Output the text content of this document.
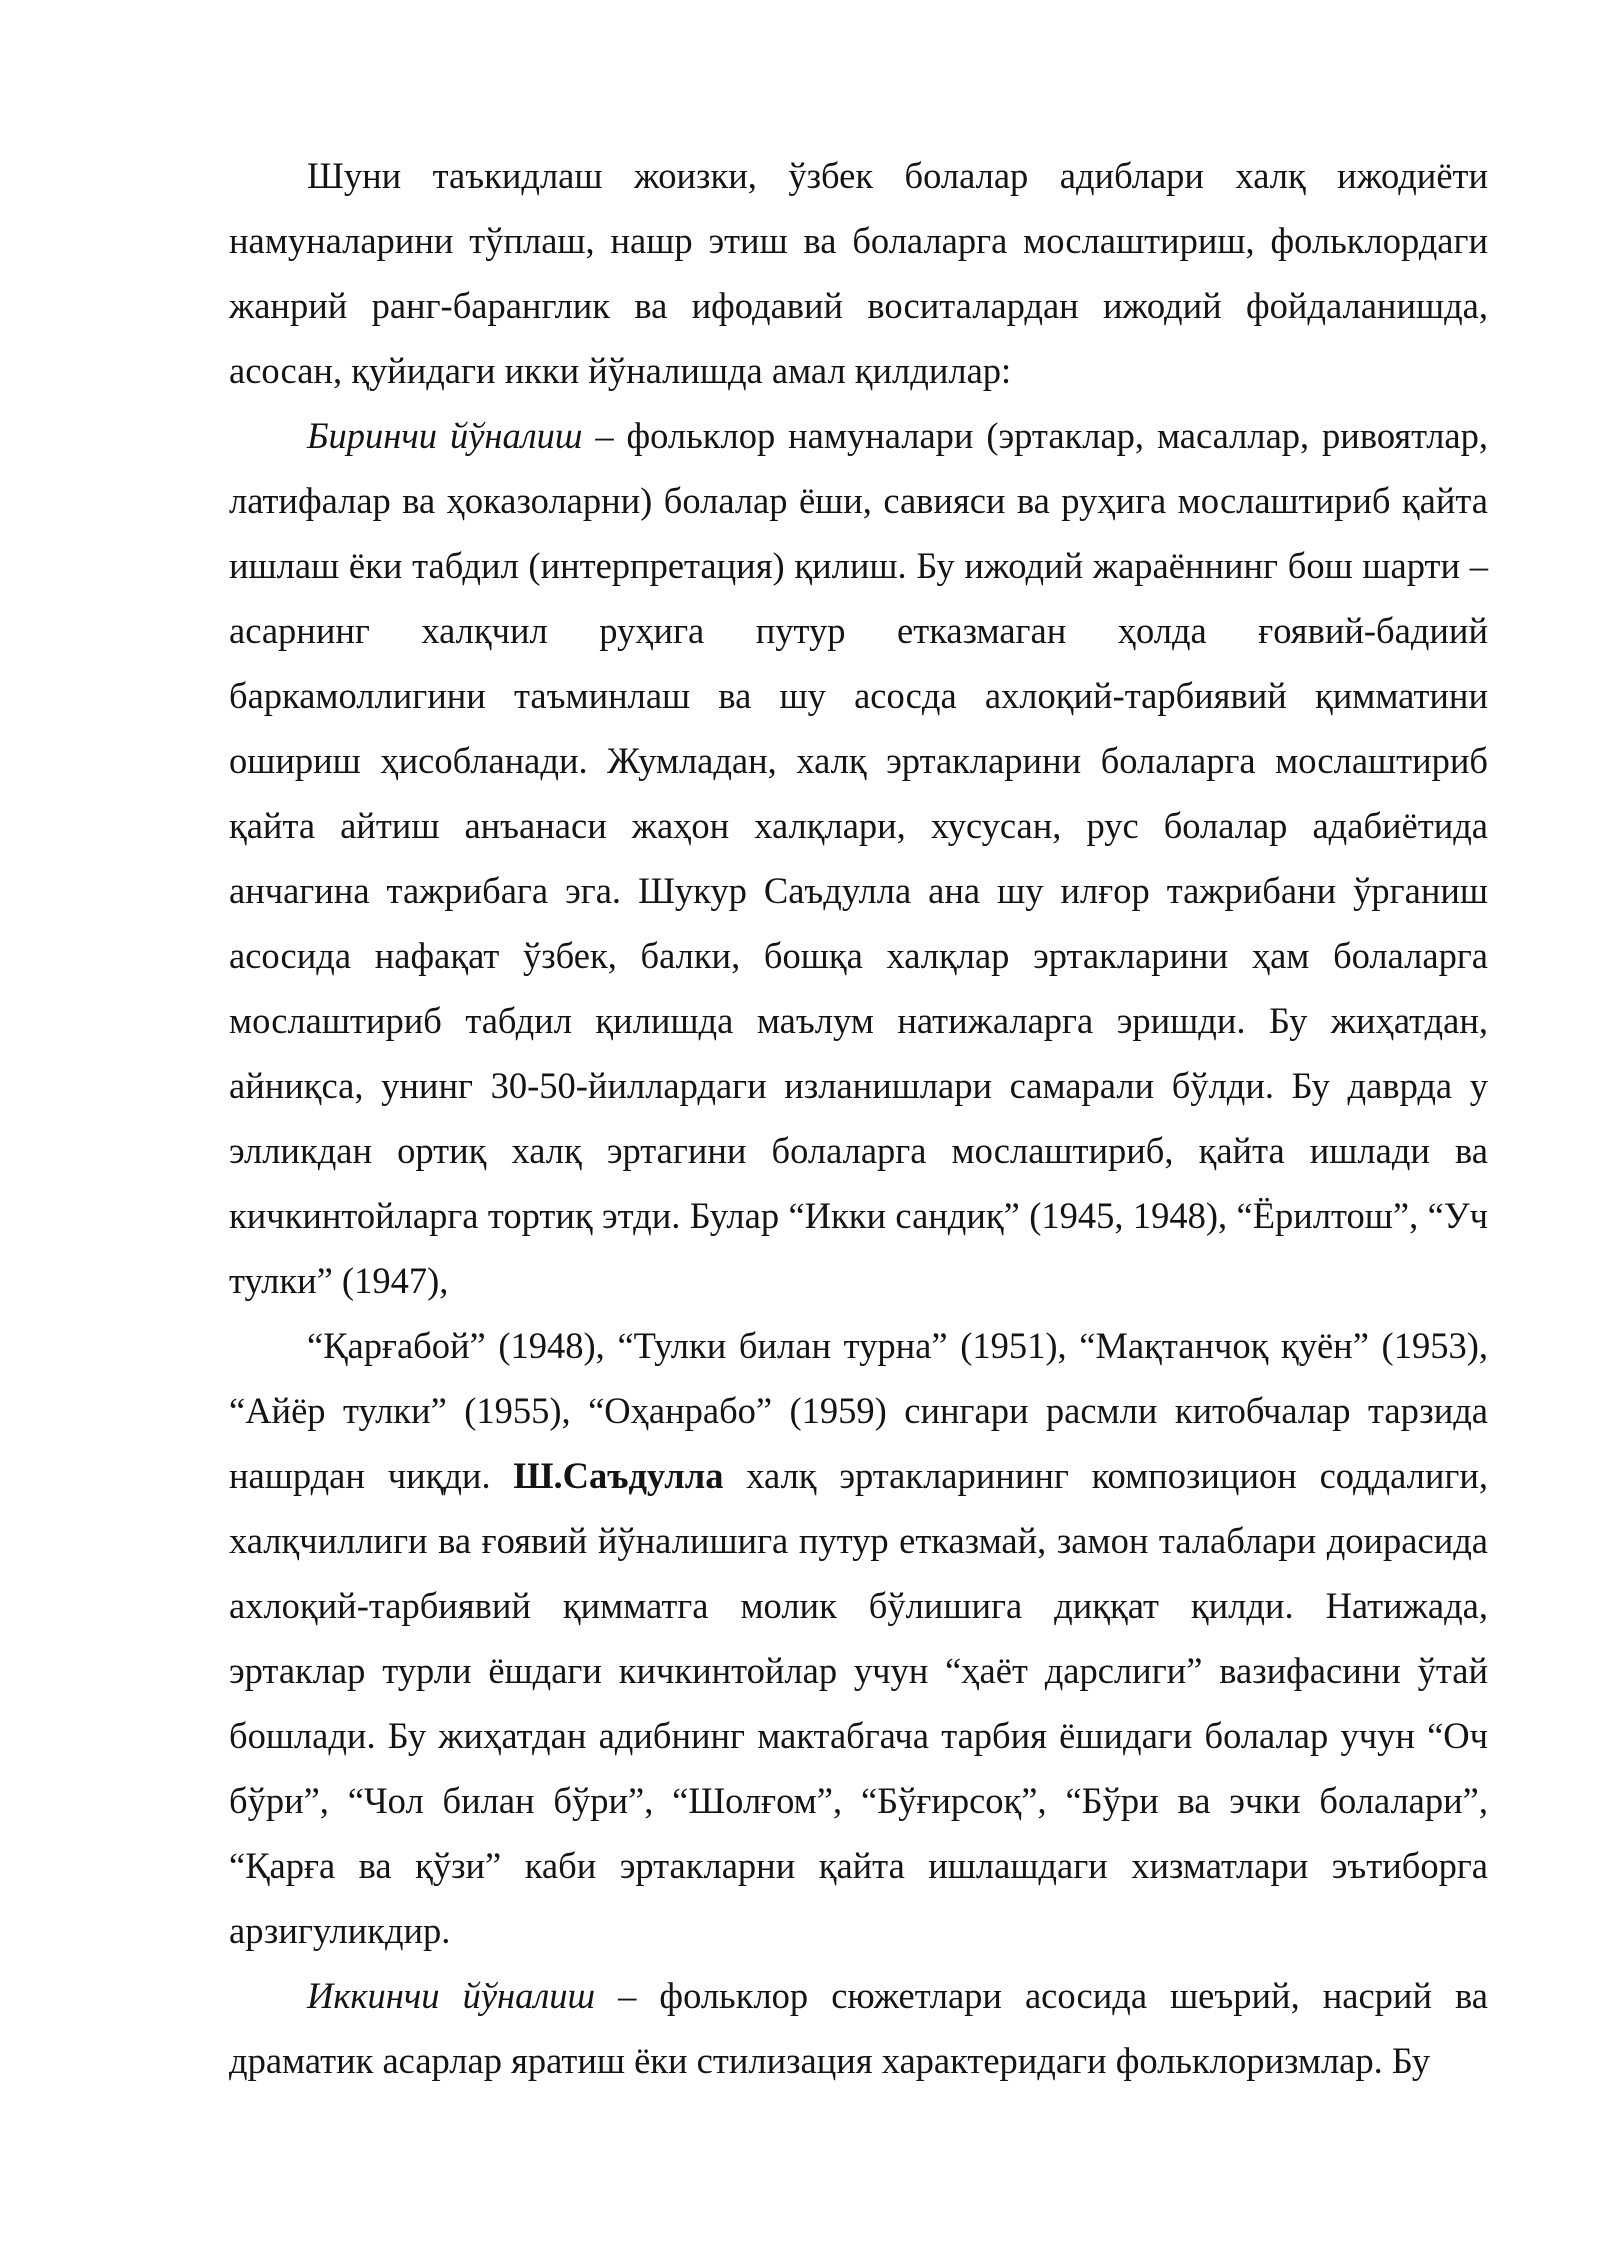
Шуни таъкидлаш жоизки, ўзбек болалар адиблари халқ ижодиёти намуналарини тўплаш, нашр этиш ва болаларга мослаштириш, фольклордаги жанрий ранг-баранглик ва ифодавий воситалардан ижодий фойдаланишда, асосан, қуйидаги икки йўналишда амал қилдилар:

Биринчи йўналиш – фольклор намуналари (эртаклар, масаллар, ривоятлар, латифалар ва ҳоказоларни) болалар ёши, савияси ва руҳига мослаштириб қайта ишлаш ёки табдил (интерпретация) қилиш. Бу ижодий жараённинг бош шарти – асарнинг халқчил руҳига путур етказмаган ҳолда ғоявий-бадиий баркамоллигини таъминлаш ва шу асосда ахлоқий-тарбиявий қимматини ошириш ҳисобланади. Жумладан, халқ эртакларини болаларга мослаштириб қайта айтиш анъанаси жаҳон халқлари, хусусан, рус болалар адабиётида анчагина тажрибага эга. Шукур Саъдулла ана шу илғор тажрибани ўрганиш асосида нафақат ўзбек, балки, бошқа халқлар эртакларини ҳам болаларга мослаштириб табдил қилишда маълум натижаларга эришди. Бу жиҳатдан, айниқса, унинг 30-50-йиллардаги изланишлари самарали бўлди. Бу даврда у элликдан ортиқ халқ эртагини болаларга мослаштириб, қайта ишлади ва кичкинтойларга тортиқ этди. Булар “Икки сандиқ” (1945, 1948), “Ёрилтош”, “Уч тулки” (1947),

“Қарғабой” (1948), “Тулки билан турна” (1951), “Мақтанчоқ қуён” (1953), “Айёр тулки” (1955), “Оҳанрабо” (1959) сингари расмли китобчалар тарзида нашрдан чиқди. Ш.Саъдулла халқ эртакларининг композицион соддалиги, халқчиллиги ва ғоявий йўналишига путур етказмай, замон талаблари доирасида ахлоқий-тарбиявий қимматга молик бўлишига диққат қилди. Натижада, эртаклар турли ёшдаги кичкинтойлар учун “ҳаёт дарслиги” вазифасини ўтай бошлади. Бу жиҳатдан адибнинг мактабгача тарбия ёшидаги болалар учун “Оч бўри”, “Чол билан бўри”, “Шолғом”, “Бўғирсоқ”, “Бўри ва эчки болалари”, “Қарға ва қўзи” каби эртакларни қайта ишлашдаги хизматлари эътиборга арзигуликдир.

Иккинчи йўналиш – фольклор сюжетлари асосида шеърий, насрий ва драматик асарлар яратиш ёки стилизация характеридаги фольклоризмлар. Бу
